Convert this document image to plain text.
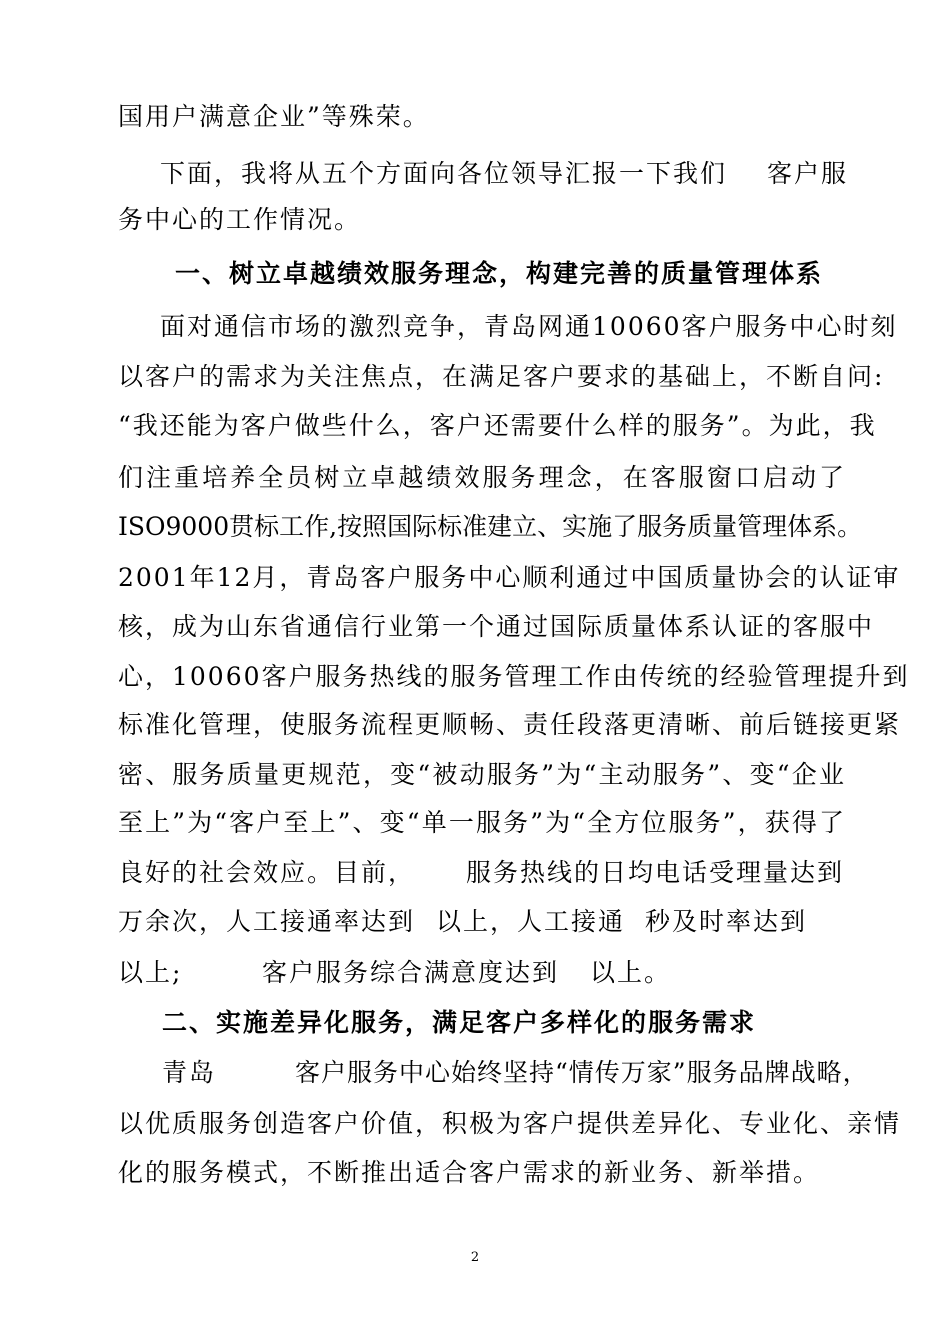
国用户满意企业”等殊荣。
下面，我将从五个方面向各位领导汇报一下我们 客户服
务中心的工作情况。
一、树立卓越绩效服务理念，构建完善的质量管理体系
面对通信市场的激烈竞争，青岛网通10060客户服务中心时刻
以客户的需求为关注焦点，在满足客户要求的基础上，不断自问:
“我还能为客户做些什么，客户还需要什么样的服务”。为此，我
们注重培养全员树立卓越绩效服务理念，在客服窗口启动了
ISO9000贯标工作,按照国际标准建立、实施了服务质量管理体系。
2001年12月，青岛客户服务中心顺利通过中国质量协会的认证审
核，成为山东省通信行业第一个通过国际质量体系认证的客服中
心，10060客户服务热线的服务管理工作由传统的经验管理提升到
标准化管理，使服务流程更顺畅、责任段落更清晰、前后链接更紧
密、服务质量更规范，变“被动服务”为“主动服务”、变“企业
至上”为“客户至上”、变“单一服务”为“全方位服务”，获得了
良好的社会效应。目前， 服务热线的日均电话受理量达到
万余次，人工接通率达到 以上，人工接通 秒及时率达到
以上;	客户服务综合满意度达到 以上。
二、实施差异化服务，满足客户多样化的服务需求
青岛	客户服务中心始终坚持“情传万家”服务品牌战略，
以优质服务创造客户价值，积极为客户提供差异化、专业化、亲情
化的服务模式，不断推出适合客户需求的新业务、新举措。
2
